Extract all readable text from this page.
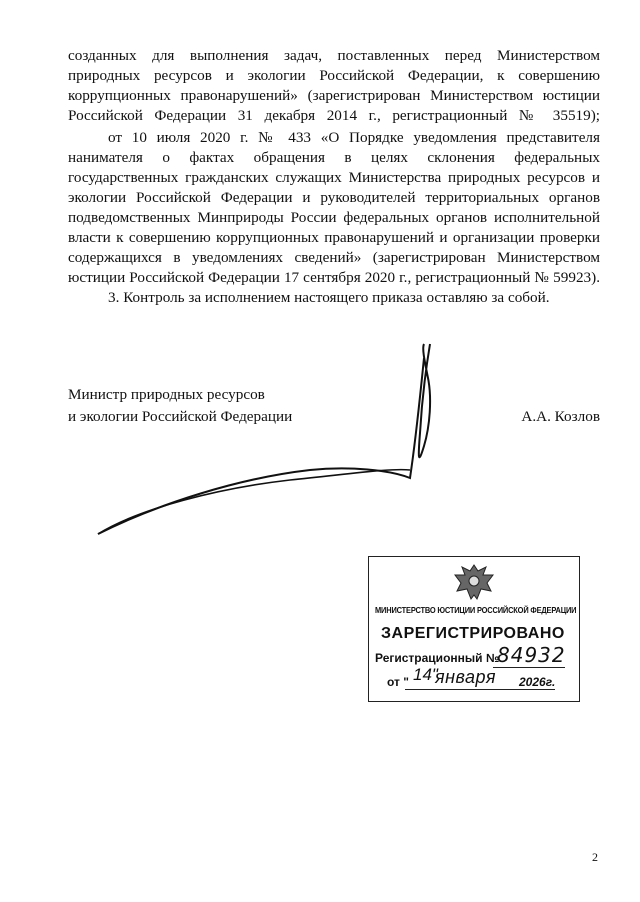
созданных для выполнения задач, поставленных перед Министерством природных ресурсов и экологии Российской Федерации, к совершению коррупционных правонарушений» (зарегистрирован Министерством юстиции Российской Федерации 31 декабря 2014 г., регистрационный № 35519);

от 10 июля 2020 г. № 433 «О Порядке уведомления представителя нанимателя о фактах обращения в целях склонения федеральных государственных гражданских служащих Министерства природных ресурсов и экологии Российской Федерации и руководителей территориальных органов подведомственных Минприроды России федеральных органов исполнительной власти к совершению коррупционных правонарушений и организации проверки содержащихся в уведомлениях сведений» (зарегистрирован Министерством юстиции Российской Федерации 17 сентября 2020 г., регистрационный № 59923).

3. Контроль за исполнением настоящего приказа оставляю за собой.

Министр природных ресурсов
и экологии Российской Федерации	А.А. Козлов
МИНИСТЕРСТВО ЮСТИЦИИ РОССИЙСКОЙ ФЕДЕРАЦИИ
ЗАРЕГИСТРИРОВАНО
Регистрационный №
84932
от " 14"
января 2026г.
2
